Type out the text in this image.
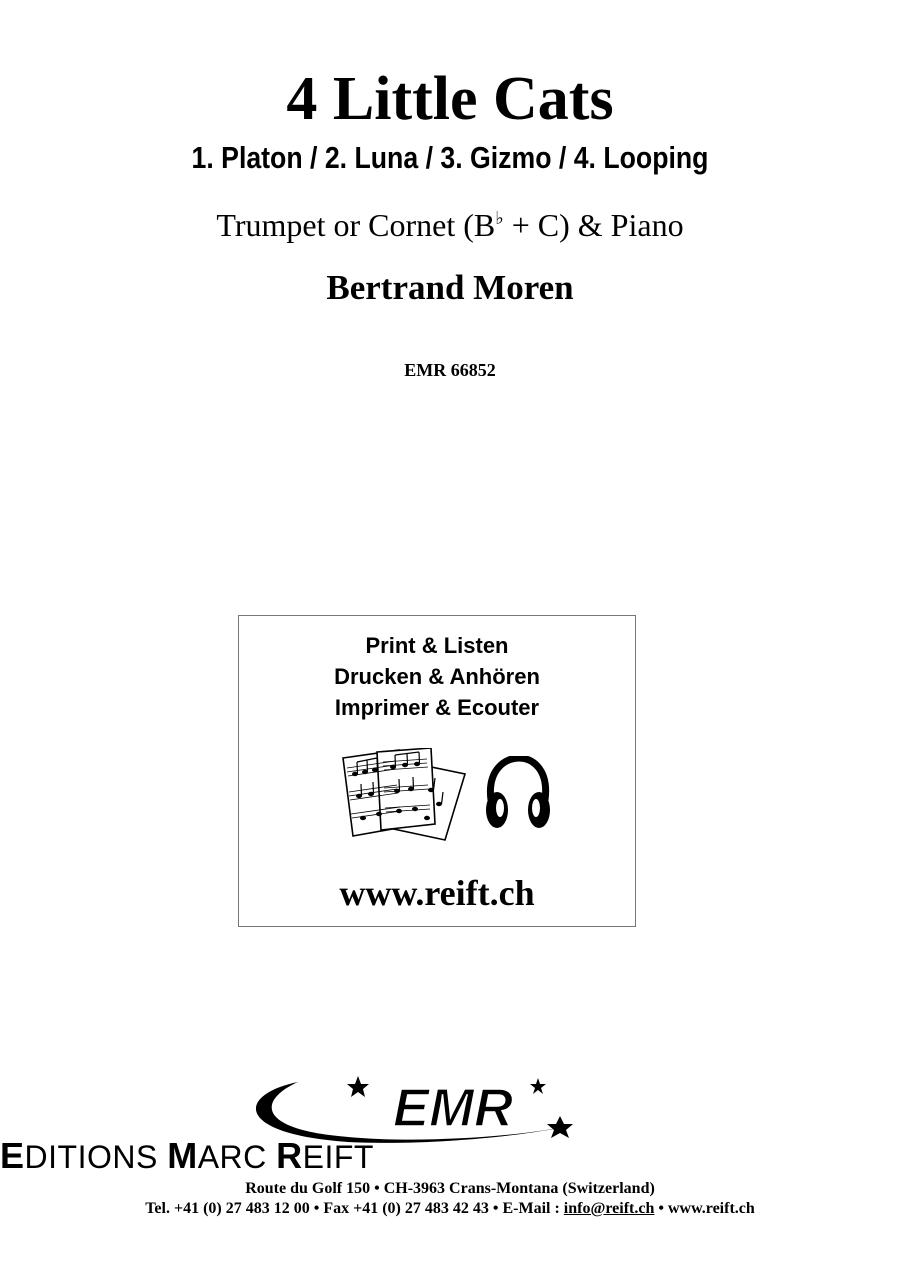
4 Little Cats
1. Platon / 2. Luna / 3. Gizmo / 4. Looping
Trumpet or Cornet (B♭ + C) & Piano
Bertrand Moren
EMR 66852
Print & Listen
Drucken & Anhören
Imprimer & Ecouter
www.reift.ch
EMR
EDITIONS MARC REIFT
Route du Golf 150 • CH-3963 Crans-Montana (Switzerland)
Tel. +41 (0) 27 483 12 00 • Fax +41 (0) 27 483 42 43 • E-Mail : info@reift.ch • www.reift.ch
